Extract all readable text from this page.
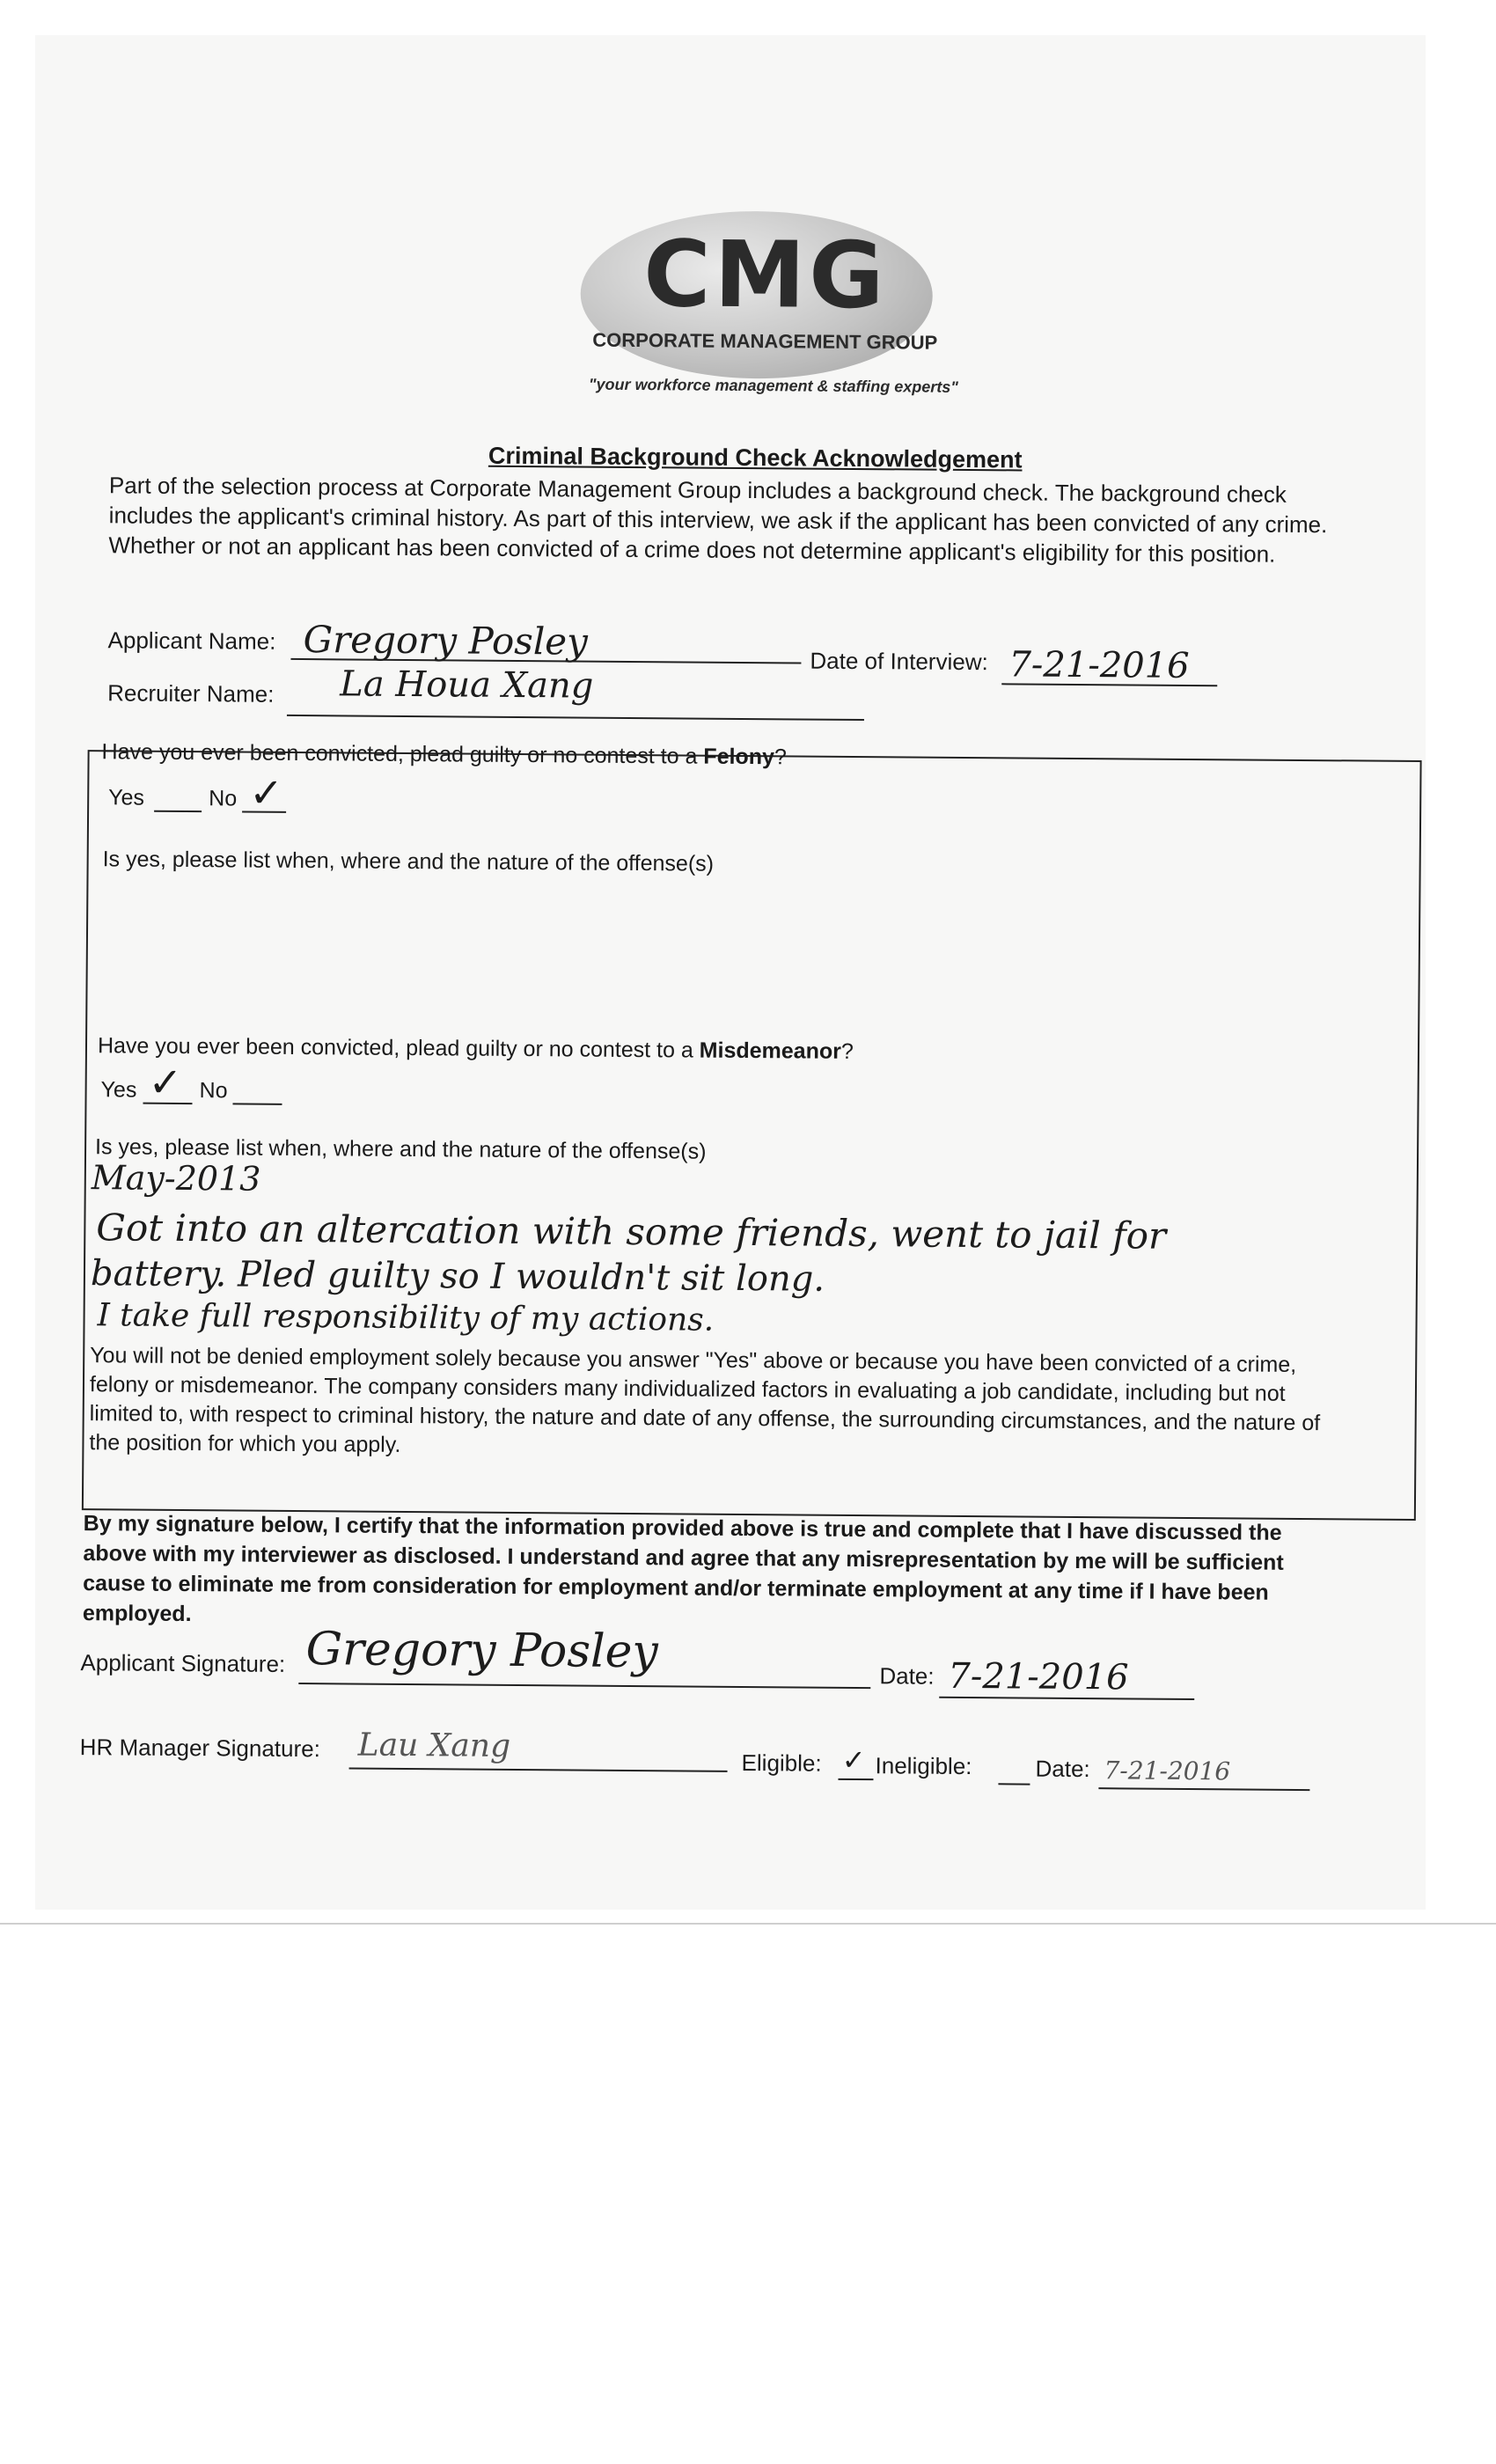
CMG
CORPORATE MANAGEMENT GROUP
"your workforce management & staffing experts"
Criminal Background Check Acknowledgement
Part of the selection process at Corporate Management Group includes a background check. The background check includes the applicant's criminal history. As part of this interview, we ask if the applicant has been convicted of any crime. Whether or not an applicant has been convicted of a crime does not determine applicant's eligibility for this position.
Applicant Name: Gregory Posley	Date of Interview: 7-21-2016
Recruiter Name: La Houa Xang
Have you ever been convicted, plead guilty or no contest to a Felony?
Yes	No ✓
Is yes, please list when, where and the nature of the offense(s)
Have you ever been convicted, plead guilty or no contest to a Misdemeanor?
Yes ✓ No
Is yes, please list when, where and the nature of the offense(s)
May-2013
Got into an altercation with some friends, went to jail for
battery. Pled guilty so I wouldn't sit long.
I take full responsibility of my actions.
You will not be denied employment solely because you answer "Yes" above or because you have been convicted of a crime, felony or misdemeanor. The company considers many individualized factors in evaluating a job candidate, including but not limited to, with respect to criminal history, the nature and date of any offense, the surrounding circumstances, and the nature of the position for which you apply.
By my signature below, I certify that the information provided above is true and complete that I have discussed the above with my interviewer as disclosed. I understand and agree that any misrepresentation by me will be sufficient cause to eliminate me from consideration for employment and/or terminate employment at any time if I have been employed.
Applicant Signature: Gregory Posley	Date: 7-21-2016
HR Manager Signature: Lau Xang	Eligible: ✓ Ineligible:	Date: 7-21-2016
